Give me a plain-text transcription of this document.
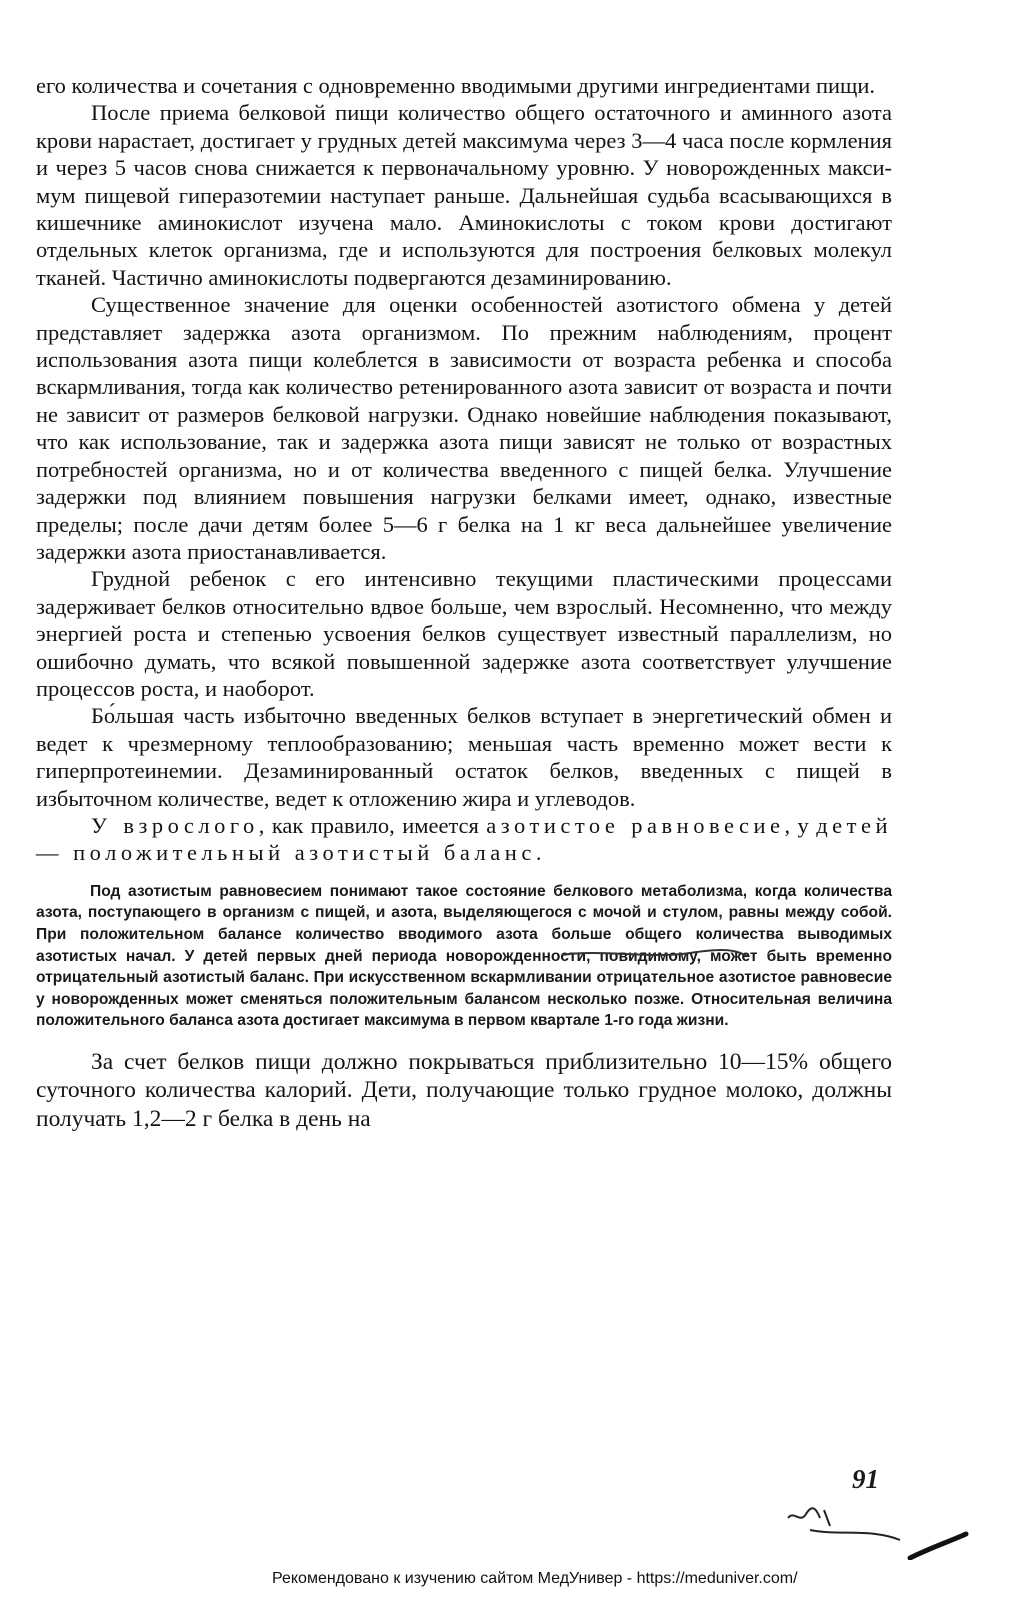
его количества и сочетания с одновременно вводимыми другими ингредиентами пищи.

После приема белковой пищи количество общего остаточного и аминного азота крови нарастает, достигает у грудных детей максимума через 3—4 часа после кормления и через 5 часов снова снижается к первоначальному уровню. У новорожденных максимум пищевой гиперазотемии наступает раньше. Дальнейшая судьба всасывающихся в кишечнике аминокислот изучена мало. Аминокислоты с током крови достигают отдельных клеток организма, где и используются для построения белковых молекул тканей. Частично аминокислоты подвергаются дезаминированию.

Существенное значение для оценки особенностей азотистого обмена у детей представляет задержка азота организмом. По прежним наблюдениям, процент использования азота пищи колеблется в зависимости от возраста ребенка и способа вскармливания, тогда как количество ретенированного азота зависит от возраста и почти не зависит от размеров белковой нагрузки. Однако новейшие наблюдения показывают, что как использование, так и задержка азота пищи зависят не только от возрастных потребностей организма, но и от количества введенного с пищей белка. Улучшение задержки под влиянием повышения нагрузки белками имеет, однако, известные пределы; после дачи детям более 5—6 г белка на 1 кг веса дальнейшее увеличение задержки азота приостанавливается.

Грудной ребенок с его интенсивно текущими пластическими процессами задерживает белков относительно вдвое больше, чем взрослый. Несомненно, что между энергией роста и степенью усвоения белков существует известный параллелизм, но ошибочно думать, что всякой повышенной задержке азота соответствует улучшение процессов роста, и наоборот.

Бо́льшая часть избыточно введенных белков вступает в энергетический обмен и ведет к чрезмерному теплообразованию; меньшая часть временно может вести к гиперпротеинемии. Дезаминированный остаток белков, введенных с пищей в избыточном количестве, ведет к отложению жира и углеводов.

У взрослого, как правило, имеется азотистое равновесие, у детей — положительный азотистый баланс.

Под азотистым равновесием понимают такое состояние белкового метаболизма, когда количества азота, поступающего в организм с пищей, и азота, выделяющегося с мочой и стулом, равны между собой. При положительном балансе количество вводимого азота больше общего количества выводимых азотистых начал. У детей первых дней периода новорожденности, повидимому, может быть временно отрицательный азотистый баланс. При искусственном вскармливании отрицательное азотистое равновесие у новорожденных может сменяться положительным балансом несколько позже. Относительная величина положительного баланса азота достигает максимума в первом квартале 1-го года жизни.

За счет белков пищи должно покрываться приблизительно 10—15% общего суточного количества калорий. Дети, получающие только грудное молоко, должны получать 1,2—2 г белка в день на

91
Рекомендовано к изучению сайтом МедУнивер - https://meduniver.com/
